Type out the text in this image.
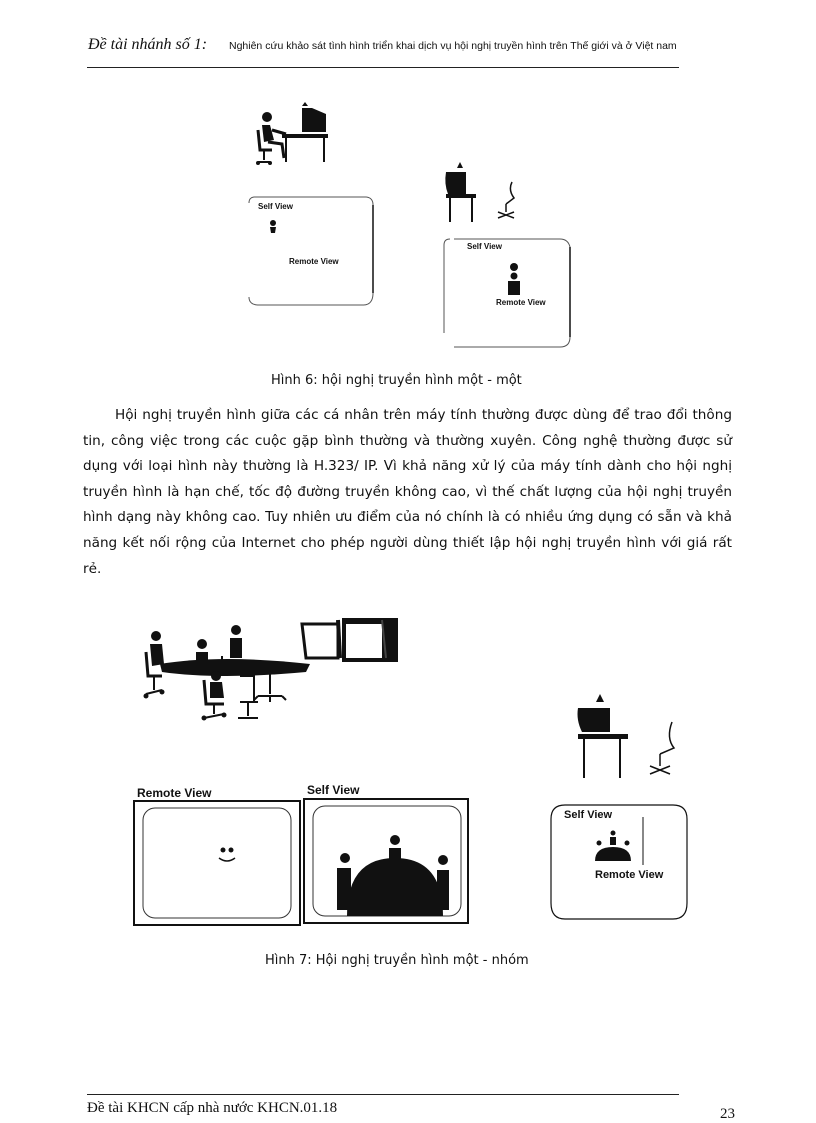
Đề tài nhánh số 1: Nghiên cứu khảo sát tình hình triển khai dịch vụ hội nghị truyền hình trên Thế giới và ở Việt nam
Self View
Remote View
Self View
Remote View
Hình 6: hội nghị truyền hình một - một

Hội nghị truyền hình giữa các cá nhân trên máy tính thường được dùng để trao đổi thông tin, công việc trong các cuộc gặp bình thường và thường xuyên. Công nghệ thường được sử dụng với loại hình này thường là H.323/ IP. Vì khả năng xử lý của máy tính dành cho hội nghị truyền hình là hạn chế, tốc độ đường truyền không cao, vì thế chất lượng của hội nghị truyền hình dạng này không cao. Tuy nhiên ưu điểm của nó chính là có nhiều ứng dụng có sẵn và khả năng kết nối rộng của Internet cho phép người dùng thiết lập hội nghị truyền hình với giá rất rẻ.

Remote View	Self View
Self View
Remote View
Hình 7: Hội nghị truyền hình một - nhóm
Đề tài KHCN cấp nhà nước KHCN.01.18	23
